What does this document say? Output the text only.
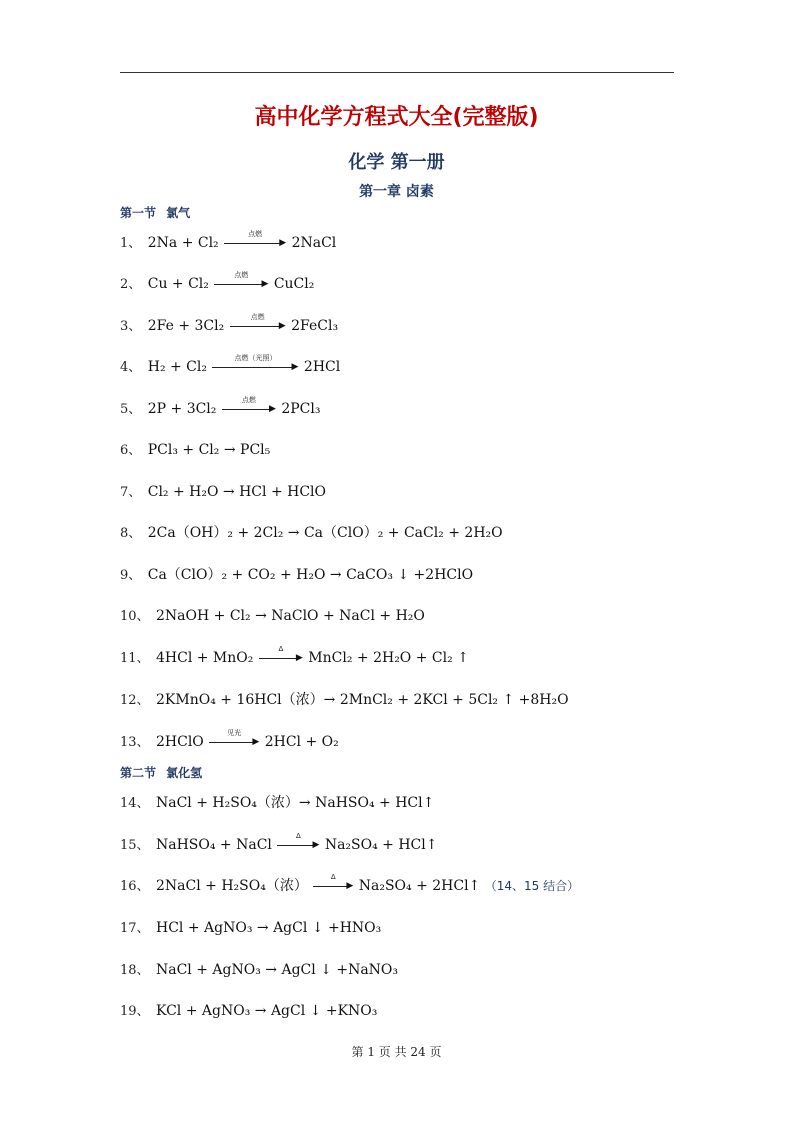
高中化学方程式大全(完整版)
化学 第一册
第一章 卤素
第一节 氯气
1、 2Na + Cl₂
点燃
▶ 2NaCl
2、 Cu + Cl₂
点燃
▶ CuCl₂
3、 2Fe + 3Cl₂
点燃
▶ 2FeCl₃
4、 H₂ + Cl₂
点燃（光照）
▶ 2HCl
5、 2P + 3Cl₂
点燃
▶ 2PCl₃
6、 PCl₃ + Cl₂ → PCl₅
7、 Cl₂ + H₂O → HCl + HClO
8、 2Ca（OH）₂ + 2Cl₂ → Ca（ClO）₂ + CaCl₂ + 2H₂O
9、 Ca（ClO）₂ + CO₂ + H₂O → CaCO₃ ↓ +2HClO
10、 2NaOH + Cl₂ → NaClO + NaCl + H₂O
11、 4HCl + MnO₂
Δ
▶ MnCl₂ + 2H₂O + Cl₂ ↑
12、 2KMnO₄ + 16HCl（浓）→ 2MnCl₂ + 2KCl + 5Cl₂ ↑ +8H₂O
13、 2HClO
见光
▶ 2HCl + O₂
第二节 氯化氢
14、 NaCl + H₂SO₄（浓）→ NaHSO₄ + HCl↑
15、 NaHSO₄ + NaCl
Δ
▶ Na₂SO₄ + HCl↑
16、 2NaCl + H₂SO₄（浓）
Δ
▶ Na₂SO₄ + 2HCl↑ （14、15 结合）
17、 HCl + AgNO₃ → AgCl ↓ +HNO₃
18、 NaCl + AgNO₃ → AgCl ↓ +NaNO₃
19、 KCl + AgNO₃ → AgCl ↓ +KNO₃
第 1 页 共 24 页
